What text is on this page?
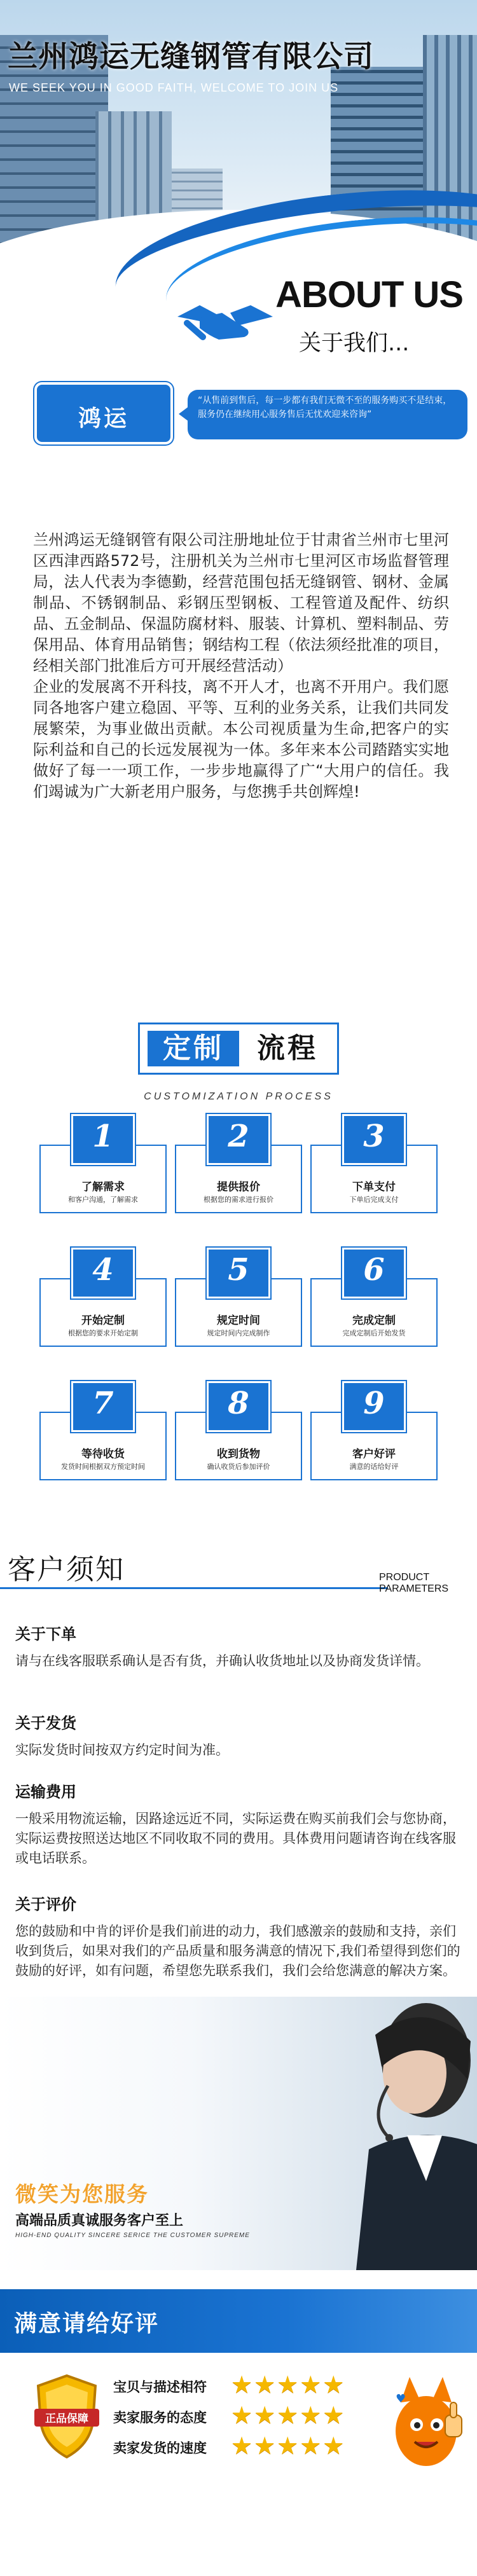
兰州鸿运无缝钢管有限公司
WE SEEK YOU IN GOOD FAITH, WELCOME TO JOIN US
ABOUT US
关于我们...
鸿运
“从售前到售后，每一步都有我们无微不至的服务购买不是结束，服务仍在继续用心服务售后无忧欢迎来咨询”

兰州鸿运无缝钢管有限公司注册地址位于甘肃省兰州市七里河区西津西路572号，注册机关为兰州市七里河区市场监督管理局，法人代表为李德勤，经营范围包括无缝钢管、钢材、金属制品、不锈钢制品、彩钢压型钢板、工程管道及配件、纺织品、五金制品、保温防腐材料、服装、计算机、塑料制品、劳保用品、体育用品销售；钢结构工程（依法须经批准的项目，经相关部门批准后方可开展经营活动）

企业的发展离不开科技，离不开人才，也离不开用户。我们愿同各地客户建立稳固、平等、互利的业务关系，让我们共同发展繁荣，为事业做出贡献。本公司视质量为生命,把客户的实际利益和自己的长远发展视为一体。多年来本公司踏踏实实地做好了每一一项工作，一步步地赢得了广“大用户的信任。我们竭诚为广大新老用户服务，与您携手共创辉煌!

定制	流程
CUSTOMIZATION PROCESS
1
了解需求
和客户沟通，了解需求
2
提供报价
根据您的需求进行报价
3
下单支付
下单后完成支付
4
开始定制
根据您的要求开始定制
5
规定时间
规定时间内完成制作
6
完成定制
完成定制后开始发货
7
等待收货
发货时间根据双方预定时间
8
收到货物
确认收货后参加评价
9
客户好评
满意的话给好评
客户须知	PRODUCT PARAMETERS
关于下单

请与在线客服联系确认是否有货，并确认收货地址以及协商发货详情。

关于发货

实际发货时间按双方约定时间为准。

运输费用

一般采用物流运输，因路途远近不同，实际运费在购买前我们会与您协商，实际运费按照送达地区不同收取不同的费用。具体费用问题请咨询在线客服或电话联系。

关于评价

您的鼓励和中肯的评价是我们前进的动力，我们感激亲的鼓励和支持，亲们收到货后，如果对我们的产品质量和服务满意的情况下,我们希望得到您们的鼓励的好评，如有问题，希望您先联系我们，我们会给您满意的解决方案。

微笑为您服务
高端品质真诚服务客户至上
HIGH-END QUALITY SINCERE SERICE THE CUSTOMER SUPREME
满意请给好评
正品保障
宝贝与描述相符 ★★★★★
卖家服务的态度 ★★★★★
卖家发货的速度 ★★★★★
♥
